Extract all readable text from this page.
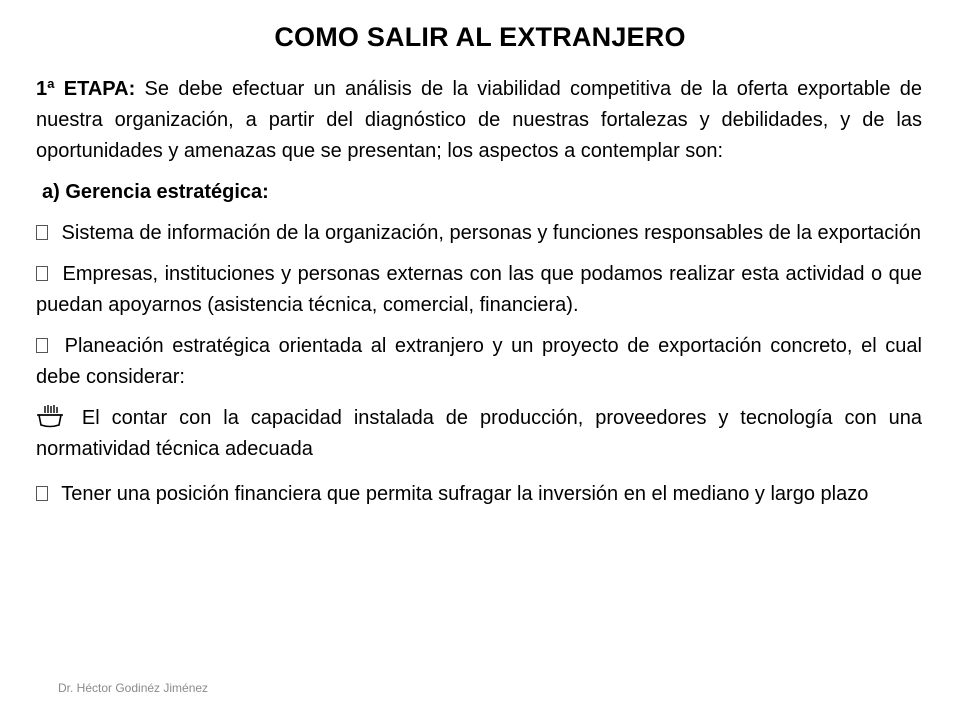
COMO SALIR AL EXTRANJERO

1ª ETAPA: Se debe efectuar un análisis de la viabilidad competitiva de la oferta exportable de nuestra organización, a partir del diagnóstico de nuestras fortalezas y debilidades, y de las oportunidades y amenazas que se presentan; los aspectos a contemplar son:

a) Gerencia estratégica:

Sistema de información de la organización, personas y funciones responsables de la exportación

Empresas, instituciones y personas externas con las que podamos realizar esta actividad o que puedan apoyarnos (asistencia técnica, comercial, financiera).

Planeación estratégica orientada al extranjero y un proyecto de exportación concreto, el cual debe considerar:

El contar con la capacidad instalada de producción, proveedores y tecnología con una normatividad técnica adecuada

Tener una posición financiera que permita sufragar la inversión en el mediano y largo plazo

Dr. Héctor Godinéz Jiménez
